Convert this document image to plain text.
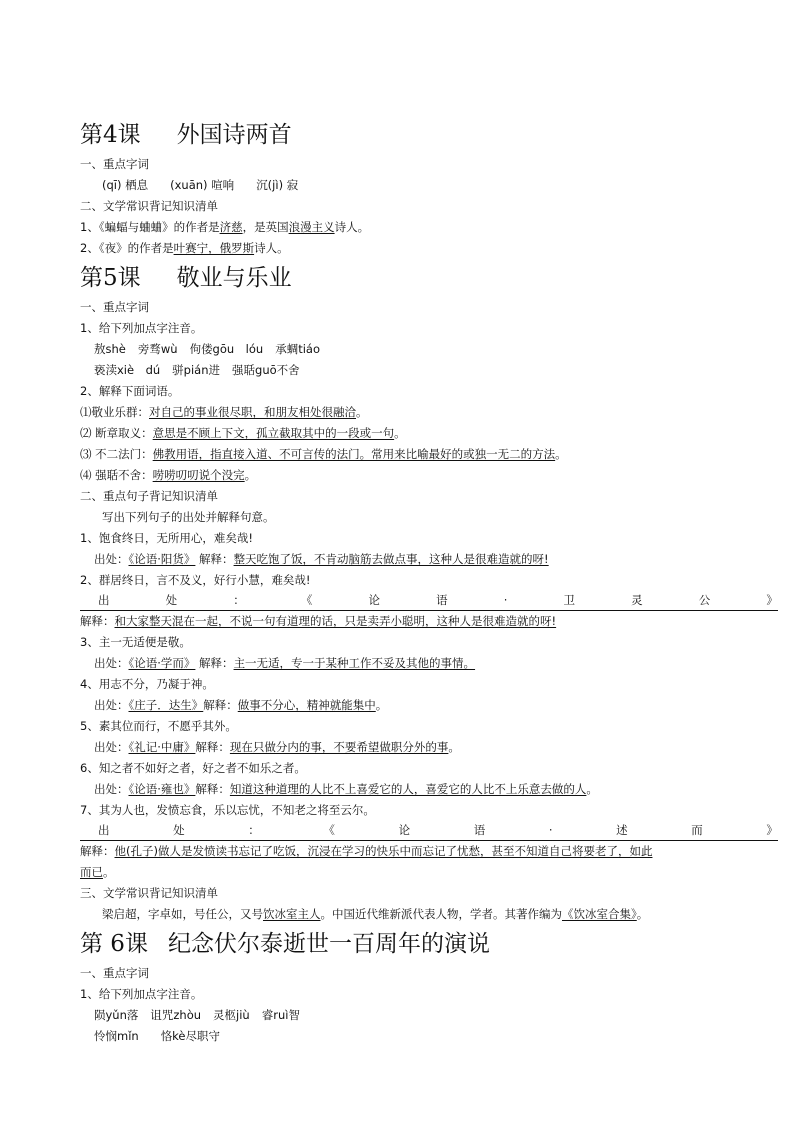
第4课 外国诗两首
一、重点字词
(qī) 栖息 (xuān) 喧响 沉(jì) 寂
二、文学常识背记知识清单
1、《蝙蝠与蛐蛐》的作者是济慈，是英国浪漫主义诗人。
2、《夜》的作者是叶赛宁，俄罗斯诗人。
第5课 敬业与乐业
一、重点字词
1、给下列加点字注音。
敖shè 旁骛wù 佝偻gōu　lóu 承蜩tiáo
亵渎xiè　dú 骈pián进 强聒guō不舍
2、解释下面词语。
⑴敬业乐群：对自己的事业很尽职，和朋友相处很融洽。
⑵ 断章取义：意思是不顾上下文，孤立截取其中的一段或一句。
⑶ 不二法门：佛教用语，指直接入道、不可言传的法门。常用来比喻最好的或独一无二的方法。
⑷ 强聒不舍：唠唠叨叨说个没完。
二、重点句子背记知识清单
写出下列句子的出处并解释句意。
1、饱食终日，无所用心，难矣哉!
出处：《论语·阳货》 解释：整天吃饱了饭，不肯动脑筋去做点事，这种人是很难造就的呀!
2、群居终日，言不及义，好行小慧，难矣哉!
出	处	：	《	论	语	·	卫	灵	公	》
解释：和大家整天混在一起，不说一句有道理的话，只是卖弄小聪明，这种人是很难造就的呀!
3、主一无适便是敬。
出处：《论语·学而》 解释：主一无适，专一于某种工作不妥及其他的事情。
4、用志不分，乃凝于神。
出处：《庄子．达生》解释：做事不分心，精神就能集中。
5、素其位而行，不愿乎其外。
出处：《礼记·中庸》解释：现在只做分内的事，不要希望做职分外的事。
6、知之者不如好之者，好之者不如乐之者。
出处：《论语·雍也》解释：知道这种道理的人比不上喜爱它的人，喜爱它的人比不上乐意去做的人。
7、其为人也，发愤忘食，乐以忘忧，不知老之将至云尔。
出	处	：	《	论	语	·	述	而	》
解释：他(孔子)做人是发愤读书忘记了吃饭，沉浸在学习的快乐中而忘记了忧愁，甚至不知道自己将要老了，如此
而已。
三、文学常识背记知识清单
梁启超，字卓如，号任公，又号饮冰室主人。中国近代维新派代表人物，学者。其著作编为《饮冰室合集》。
第 6课 纪念伏尔泰逝世一百周年的演说
一、重点字词
1、给下列加点字注音。
陨yǔn落 诅咒zhòu 灵柩jiù 睿ruì智
怜悯mǐn 恪kè尽职守
